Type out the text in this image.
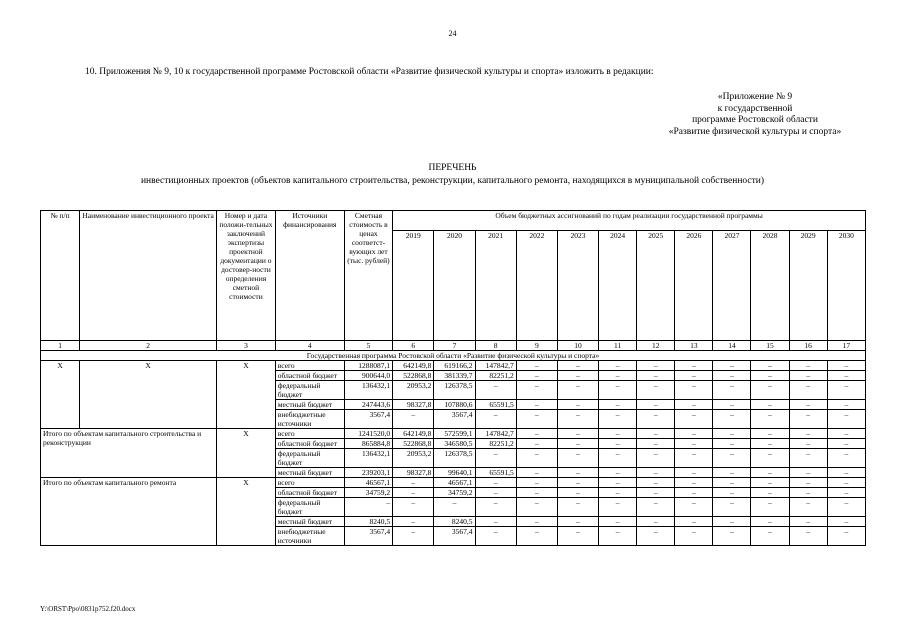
24
10. Приложения № 9, 10 к государственной программе Ростовской области «Развитие физической культуры и спорта» изложить в редакции:
«Приложение № 9
к государственной
программе Ростовской области
«Развитие физической культуры и спорта»
ПЕРЕЧЕНЬ
инвестиционных проектов (объектов капитального строительства, реконструкции, капитального ремонта, находящихся в муниципальной собственности)
№ п/п	Наименование инвестиционного проекта	Номер и дата положи-тельных заключений экспертизы проектной документации о достовер-ности определения сметной стоимости	Источники финансирования	Сметная стоимость в ценах соответст-вующих лет (тыс. рублей)	Объем бюджетных ассигнований по годам реализации государственной программы											
					2019	2020	2021	2022	2023	2024	2025	2026	2027	2028	2029	2030
1	2	3	4	5	6	7	8	9	10	11	12	13	14	15	16	17
Государственная программа Ростовской области «Развитие физической культуры и спорта»																
Х	Х	Х	всего	1288087,1	642149,8	619166,2	147842,7	–	–	–	–	–	–	–	–	–
			областной бюджет	900644,0	522868,8	381339,7	82251,2	–	–	–	–	–	–	–	–	–
			федеральный бюджет	136432,1	20953,2	126378,5	–	–	–	–	–	–	–	–	–	–
			местный бюджет	247443,6	98327,8	107880,6	65591,5	–	–	–	–	–	–	–	–	–
			внебюджетные источники	3567,4	–	3567,4	–	–	–	–	–	–	–	–	–	–
Итого по объектам капитального строительства и реконструкции		Х	всего	1241520,0	642149,8	572599,1	147842,7	–	–	–	–	–	–	–	–	–
			областной бюджет	865884,8	522868,8	346580,5	82251,2	–	–	–	–	–	–	–	–	–
			федеральный бюджет	136432,1	20953,2	126378,5	–	–	–	–	–	–	–	–	–	–
			местный бюджет	239203,1	98327,8	99640,1	65591,5	–	–	–	–	–	–	–	–	–
Итого по объектам капитального ремонта		Х	всего	46567,1	–	46567,1	–	–	–	–	–	–	–	–	–	–
			областной бюджет	34759,2	–	34759,2	–	–	–	–	–	–	–	–	–	–
			федеральный бюджет	–	–	–	–	–	–	–	–	–	–	–	–	–
			местный бюджет	8240,5	–	8240,5	–	–	–	–	–	–	–	–	–	–
			внебюджетные источники	3567,4	–	3567,4	–	–	–	–	–	–	–	–	–	–
Y:\ORST\Ppo\0831p752.f20.docx
